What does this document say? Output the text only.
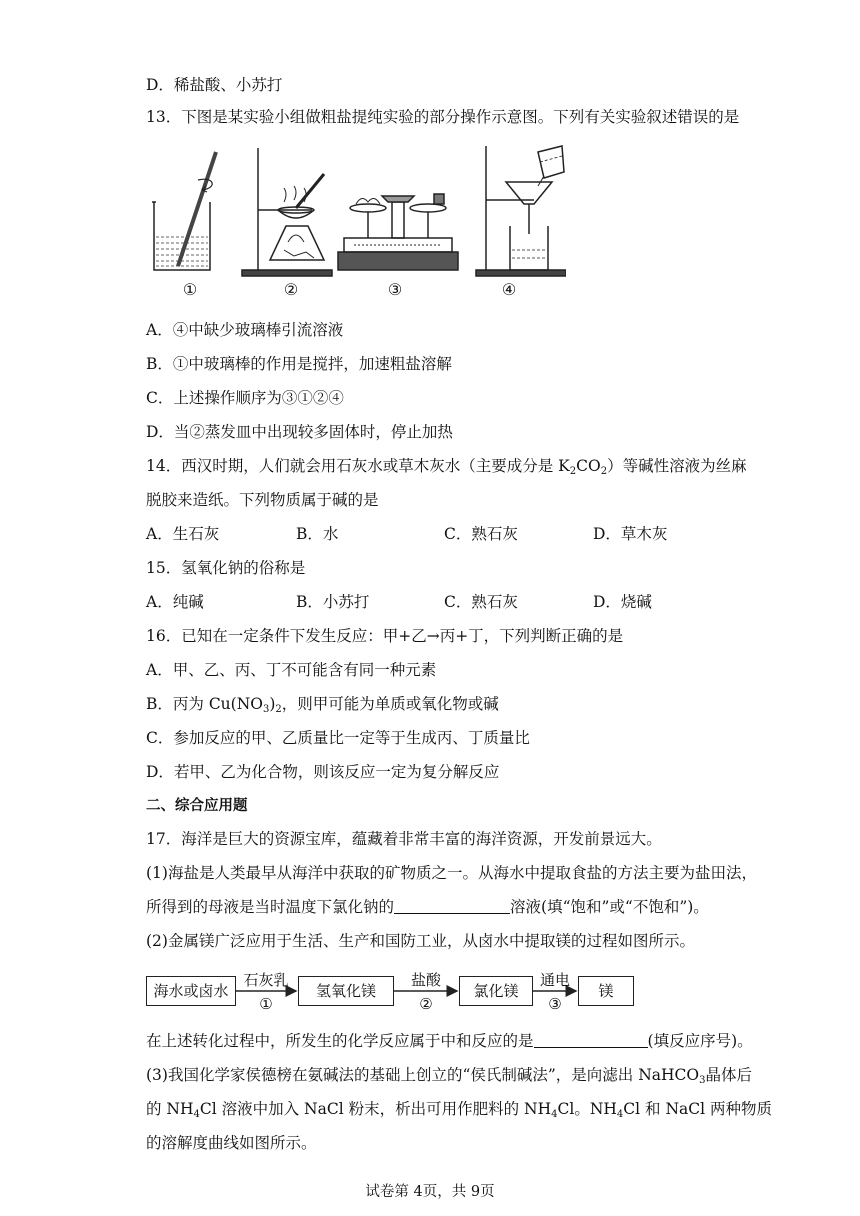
D．稀盐酸、小苏打
13．下图是某实验小组做粗盐提纯实验的部分操作示意图。下列有关实验叙述错误的是
①	②	③	④
A．④中缺少玻璃棒引流溶液
B．①中玻璃棒的作用是搅拌，加速粗盐溶解
C．上述操作顺序为③①②④
D．当②蒸发皿中出现较多固体时，停止加热
14．西汉时期，人们就会用石灰水或草木灰水（主要成分是 $K_2CO_2$）等碱性溶液为丝麻
脱胶来造纸。下列物质属于碱的是
A．生石灰	B．水	C．熟石灰	D．草木灰
15．氢氧化钠的俗称是
A．纯碱	B．小苏打	C．熟石灰	D．烧碱
16．已知在一定条件下发生反应：甲+乙→丙+丁，下列判断正确的是
A．甲、乙、丙、丁不可能含有同一种元素
B．丙为 $Cu(NO_3)_2$，则甲可能为单质或氧化物或碱
C．参加反应的甲、乙质量比一定等于生成丙、丁质量比
D．若甲、乙为化合物，则该反应一定为复分解反应
二、综合应用题
17．海洋是巨大的资源宝库，蕴藏着非常丰富的海洋资源，开发前景远大。
(1)海盐是人类最早从海洋中获取的矿物质之一。从海水中提取食盐的方法主要为盐田法，
所得到的母液是当时温度下氯化钠的	溶液(填“饱和”或“不饱和”)。
(2)金属镁广泛应用于生活、生产和国防工业，从卤水中提取镁的过程如图所示。
海水或卤水	氢氧化镁	氯化镁	镁
石灰乳	盐酸	通电
①	②	③
在上述转化过程中，所发生的化学反应属于中和反应的是	(填反应序号)。
(3)我国化学家侯德榜在氨碱法的基础上创立的“侯氏制碱法”，是向滤出 NaHCO$_3$晶体后
的 $NH_4Cl$ 溶液中加入 NaCl 粉末，析出可用作肥料的 $NH_4Cl$。$NH_4Cl$ 和 NaCl 两种物质
的溶解度曲线如图所示。
试卷第 4页，共 9页
